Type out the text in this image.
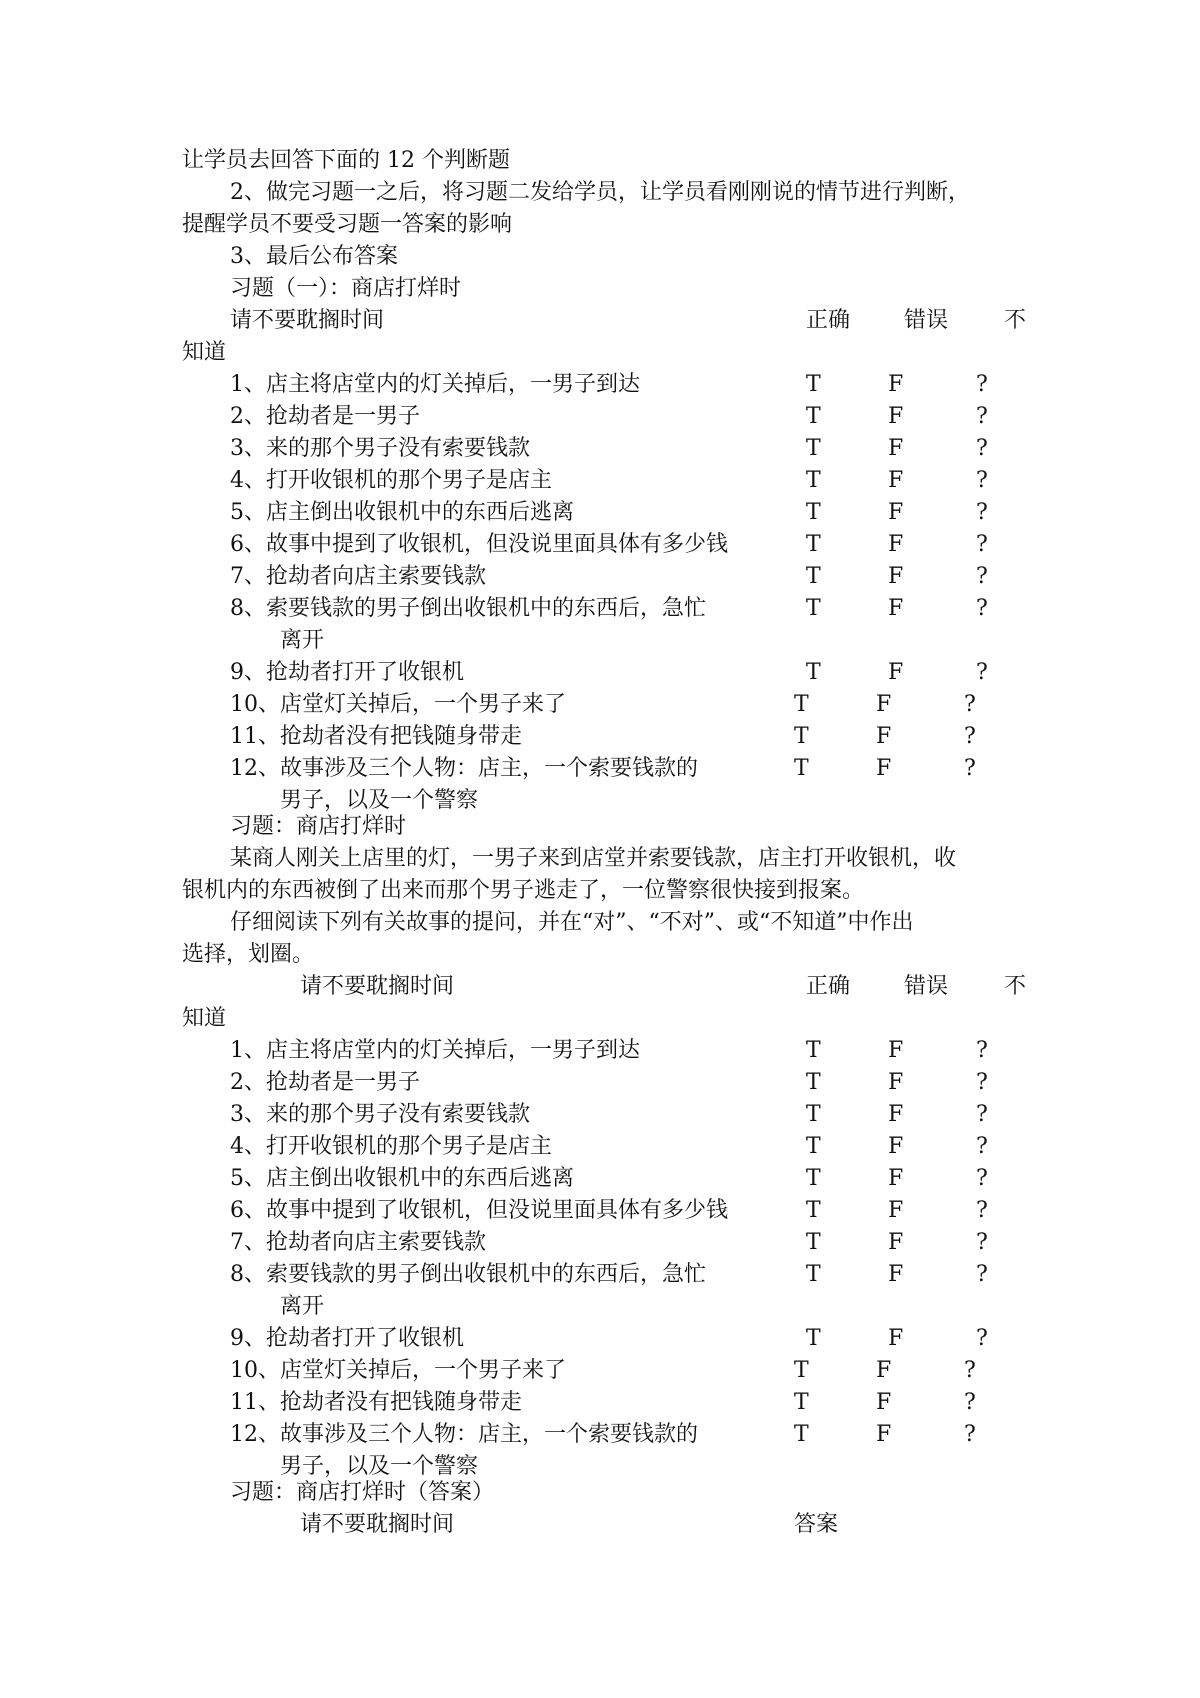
让学员去回答下面的 12 个判断题
2、做完习题一之后，将习题二发给学员，让学员看刚刚说的情节进行判断，
提醒学员不要受习题一答案的影响
3、最后公布答案
习题（一）：商店打烊时
请不要耽搁时间	正确 错误	不
知道
1、店主将店堂内的灯关掉后，一男子到达	T	F	?
2、抢劫者是一男子	T	F	?
3、来的那个男子没有索要钱款	T	F	?
4、打开收银机的那个男子是店主	T	F	?
5、店主倒出收银机中的东西后逃离	T	F	?
6、故事中提到了收银机，但没说里面具体有多少钱	T	F	?
7、抢劫者向店主索要钱款	T	F	?
8、索要钱款的男子倒出收银机中的东西后，急忙	T	F	?
离开
9、抢劫者打开了收银机	T	F	?
10、店堂灯关掉后，一个男子来了	T	F	?
11、抢劫者没有把钱随身带走	T	F	?
12、故事涉及三个人物：店主，一个索要钱款的	T	F	?
男子，以及一个警察
习题：商店打烊时
某商人刚关上店里的灯，一男子来到店堂并索要钱款，店主打开收银机，收
银机内的东西被倒了出来而那个男子逃走了，一位警察很快接到报案。
仔细阅读下列有关故事的提问，并在“对”、“不对”、或“不知道”中作出
选择，划圈。
请不要耽搁时间	正确 错误	不
知道
1、店主将店堂内的灯关掉后，一男子到达	T	F	?
2、抢劫者是一男子	T	F	?
3、来的那个男子没有索要钱款	T	F	?
4、打开收银机的那个男子是店主	T	F	?
5、店主倒出收银机中的东西后逃离	T	F	?
6、故事中提到了收银机，但没说里面具体有多少钱	T	F	?
7、抢劫者向店主索要钱款	T	F	?
8、索要钱款的男子倒出收银机中的东西后，急忙	T	F	?
离开
9、抢劫者打开了收银机	T	F	?
10、店堂灯关掉后，一个男子来了	T	F	?
11、抢劫者没有把钱随身带走	T	F	?
12、故事涉及三个人物：店主，一个索要钱款的	T	F	?
男子，以及一个警察
习题：商店打烊时（答案）
请不要耽搁时间	答案
